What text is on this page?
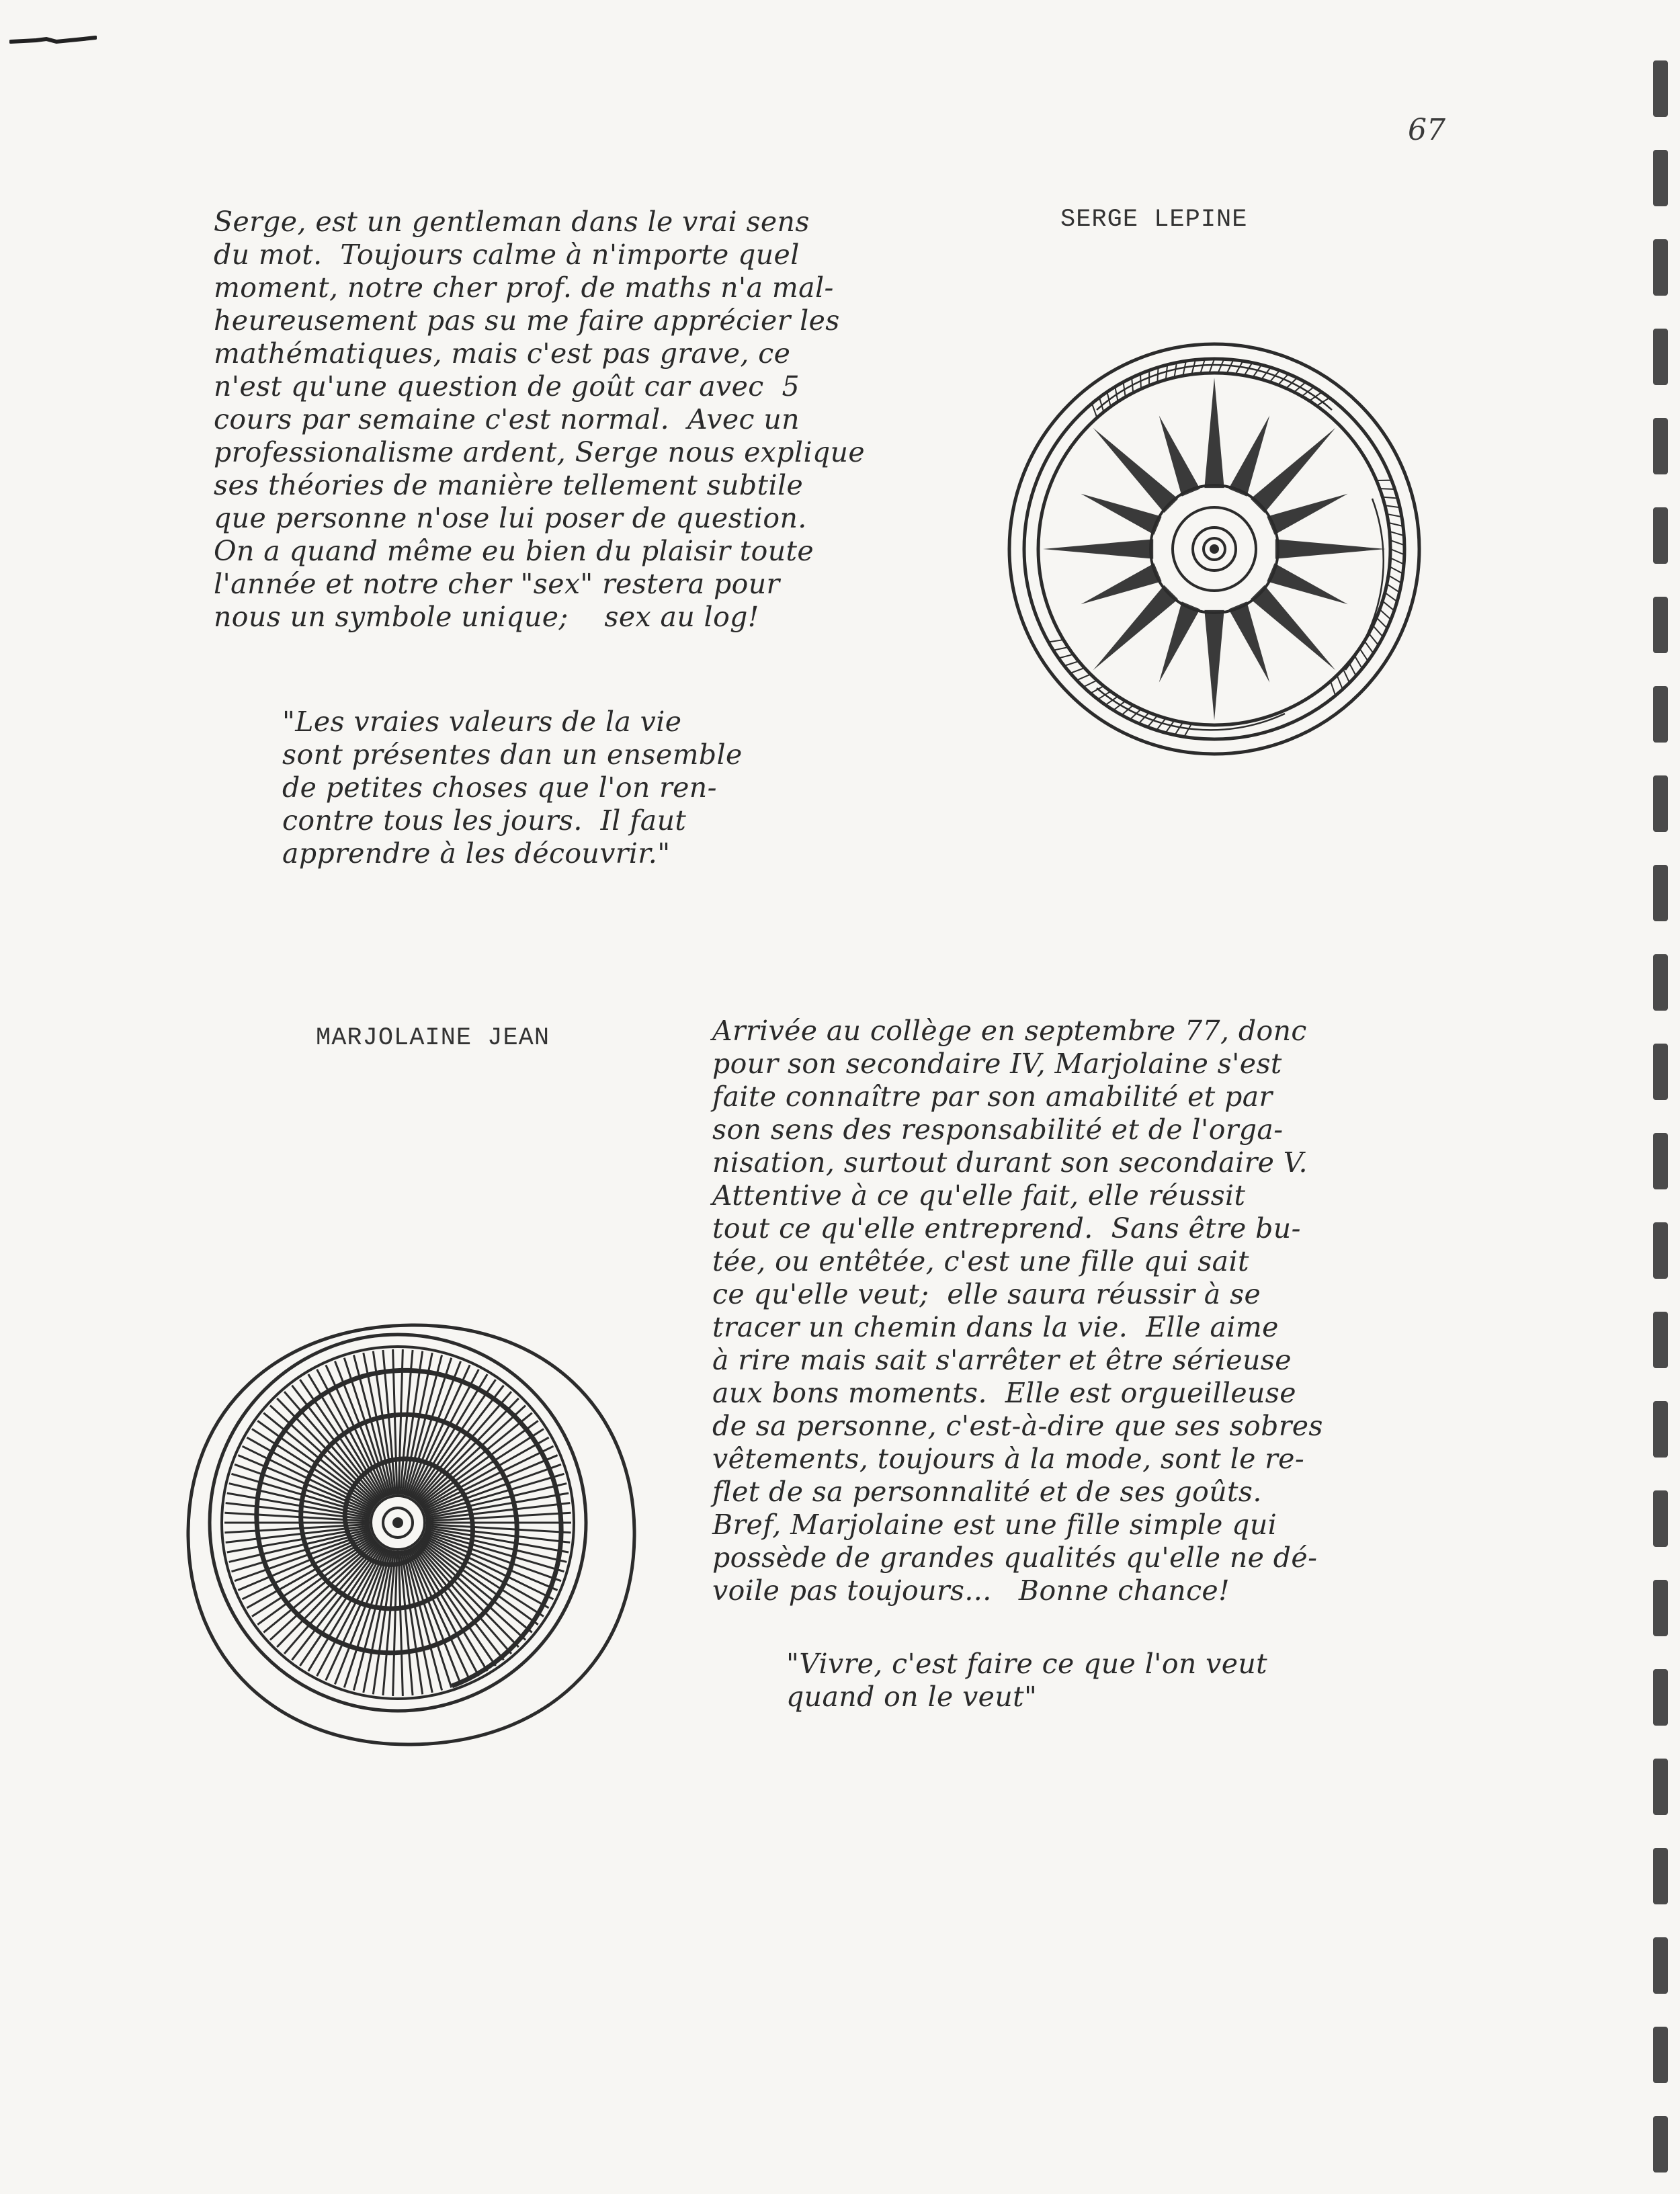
67
Serge, est un gentleman dans le vrai sens
du mot.  Toujours calme à n'importe quel
moment, notre cher prof. de maths n'a mal-
heureusement pas su me faire apprécier les
mathématiques, mais c'est pas grave, ce
n'est qu'une question de goût car avec  5
cours par semaine c'est normal.  Avec un
professionalisme ardent, Serge nous explique
ses théories de manière tellement subtile
que personne n'ose lui poser de question.
On a quand même eu bien du plaisir toute
l'année et notre cher "sex" restera pour
nous un symbole unique;    sex au log!
SERGE LEPINE
"Les vraies valeurs de la vie
sont présentes dan un ensemble
de petites choses que l'on ren-
contre tous les jours.  Il faut
apprendre à les découvrir."
MARJOLAINE JEAN	Arrivée au collège en septembre 77, donc
pour son secondaire IV, Marjolaine s'est
faite connaître par son amabilité et par
son sens des responsabilité et de l'orga-
nisation, surtout durant son secondaire V.
Attentive à ce qu'elle fait, elle réussit
tout ce qu'elle entreprend.  Sans être bu-
tée, ou entêtée, c'est une fille qui sait
ce qu'elle veut;  elle saura réussir à se
tracer un chemin dans la vie.  Elle aime
à rire mais sait s'arrêter et être sérieuse
aux bons moments.  Elle est orgueilleuse
de sa personne, c'est-à-dire que ses sobres
vêtements, toujours à la mode, sont le re-
flet de sa personnalité et de ses goûts.
Bref, Marjolaine est une fille simple qui
possède de grandes qualités qu'elle ne dé-
voile pas toujours...   Bonne chance!
"Vivre, c'est faire ce que l'on veut
quand on le veut"
